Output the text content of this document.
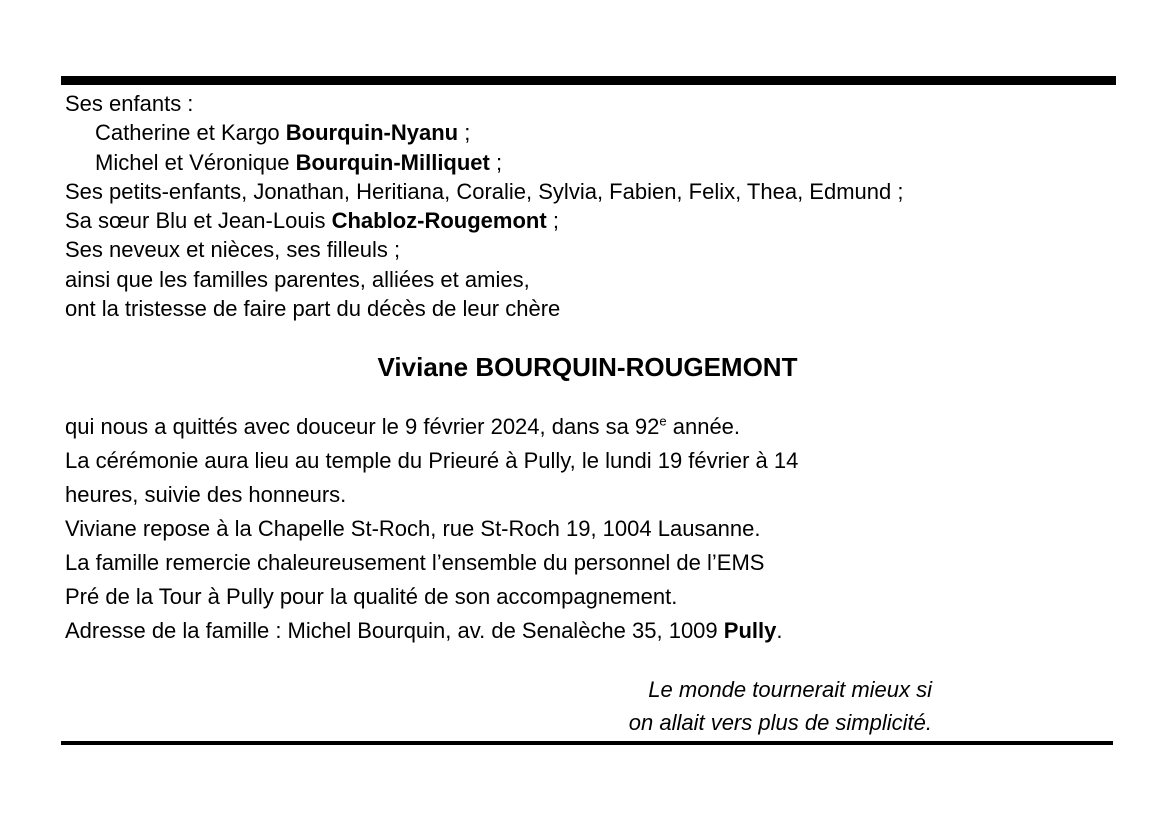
Ses enfants :
Catherine et Kargo Bourquin-Nyanu ;
Michel et Véronique Bourquin-Milliquet ;
Ses petits-enfants, Jonathan, Heritiana, Coralie, Sylvia, Fabien, Felix, Thea, Edmund ;
Sa sœur Blu et Jean-Louis Chabloz-Rougemont ;
Ses neveux et nièces, ses filleuls ;
ainsi que les familles parentes, alliées et amies,
ont la tristesse de faire part du décès de leur chère
Viviane BOURQUIN-ROUGEMONT
qui nous a quittés avec douceur le 9 février 2024, dans sa 92e année.
La cérémonie aura lieu au temple du Prieuré à Pully, le lundi 19 février à 14
heures, suivie des honneurs.
Viviane repose à la Chapelle St-Roch, rue St-Roch 19, 1004 Lausanne.
La famille remercie chaleureusement l’ensemble du personnel de l’EMS
Pré de la Tour à Pully pour la qualité de son accompagnement.
Adresse de la famille : Michel Bourquin, av. de Senalèche 35, 1009 Pully.
Le monde tournerait mieux si
on allait vers plus de simplicité.
